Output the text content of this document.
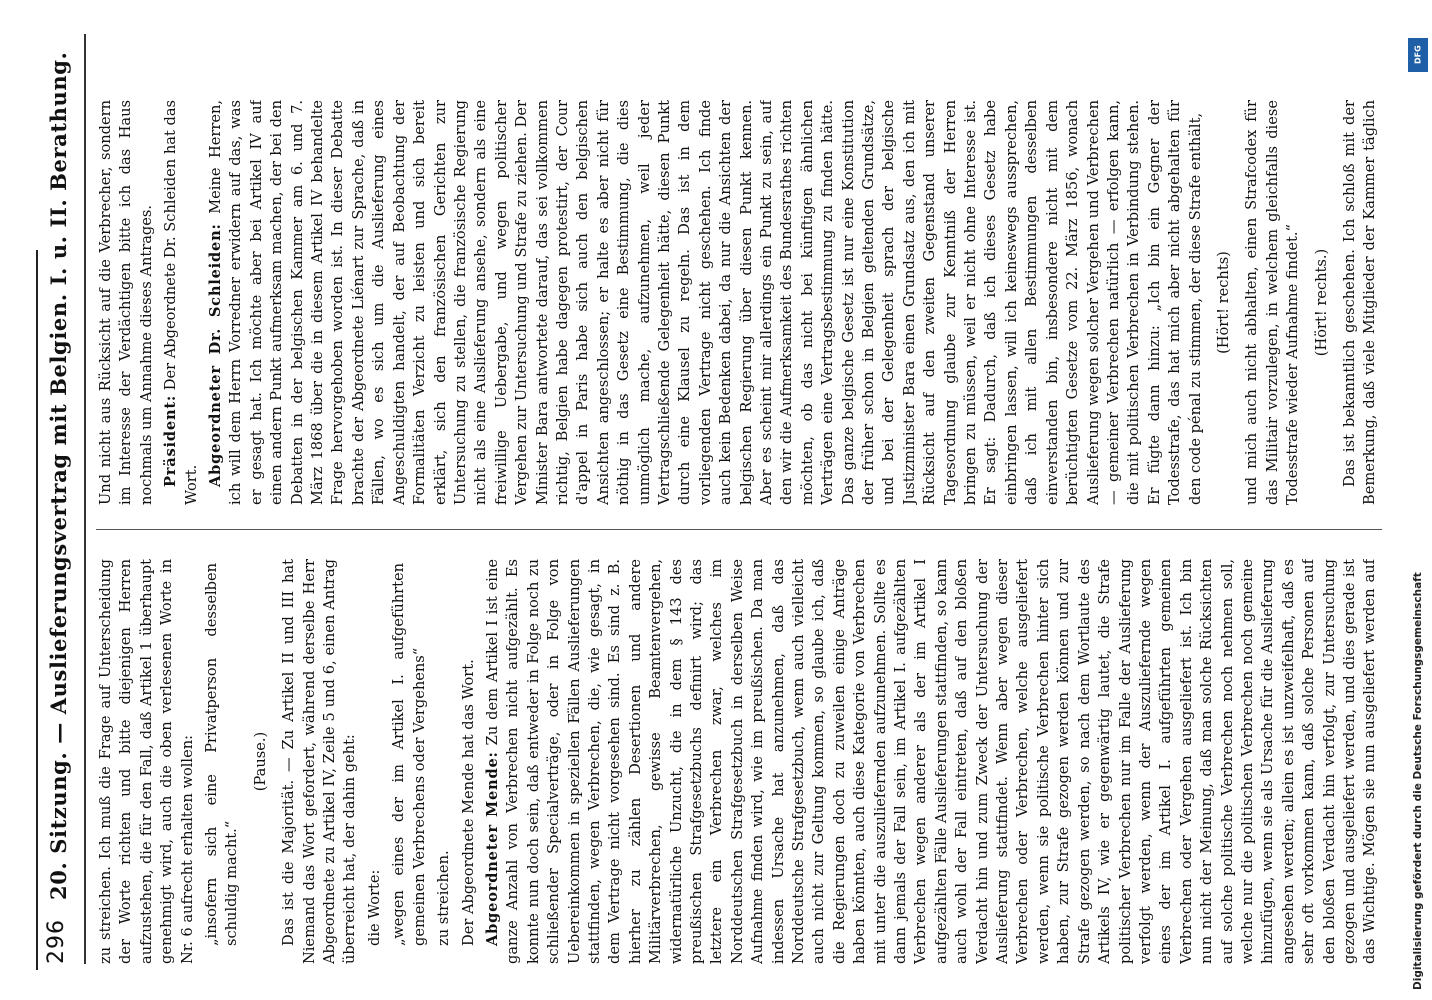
296
20. Sitzung. — Auslieferungsvertrag mit Belgien. I. u. II. Berathung. zu streichen. Ich muß die Frage auf Unterscheidung der Worte richten und bitte diejenigen Herren aufzustehen, die für den Fall, daß Artikel 1 überhaupt genehmigt wird, auch die oben verlesenen Worte in Nr. 6 aufrecht erhalten wollen: „insofern sich eine Privatperson desselben schuldig macht.“

(Pause.) Das ist die Majorität. — Zu Artikel II und III hat Niemand das Wort gefordert, während derselbe Herr Abgeordnete zu Artikel IV, Zeile 5 und 6, einen Antrag überreicht hat, der dahin geht: die Worte: „wegen eines der im Artikel I. aufgeführten gemeinen Verbrechens oder Vergehens“ zu streichen. Der Abgeordnete Mende hat das Wort. Abgeordneter Mende: Zu dem Artikel I ist eine ganze Anzahl von Verbrechen nicht aufgezählt. Es konnte nun doch sein, daß entweder in Folge noch zu schließender Specialverträge, oder in Folge von Uebereinkommen in speziellen Fällen Auslieferungen stattfinden, wegen Verbrechen, die, wie gesagt, in dem Vertrage nicht vorgesehen sind. Es sind z. B. hierher zu zählen Desertionen und andere Militärverbrechen, gewisse Beamtenvergehen, widernatürliche Unzucht, die in dem § 143 des preußischen Strafgesetzbuchs definirt wird; das letztere ein Verbrechen zwar, welches im Norddeutschen Strafgesetzbuch in derselben Weise Aufnahme finden wird, wie im preußischen. Da man indessen Ursache hat anzunehmen, daß das Norddeutsche Strafgesetzbuch, wenn auch vielleicht auch nicht zur Geltung kommen, so glaube ich, daß die Regierungen doch zu zuweilen einige Anträge haben könnten, auch diese Kategorie von Verbrechen mit unter die auszuliefernden aufzunehmen. Sollte es dann jemals der Fall sein, im Artikel I. aufgezählten Verbrechen wegen anderer als der im Artikel I aufgezählten Fälle Auslieferungen stattfinden, so kann auch wohl der Fall eintreten, daß auf den bloßen Verdacht hin und zum Zweck der Untersuchung der Auslieferung stattfindet. Wenn aber wegen dieser Verbrechen oder Verbrechen, welche ausgeliefert werden, wenn sie politische Verbrechen hinter sich haben, zur Strafe gezogen werden können und zur Strafe gezogen werden, so nach dem Wortlaute des Artikels IV, wie er gegenwärtig lautet, die Strafe politischer Verbrechen nur im Falle der Auslieferung verfolgt werden, wenn der Auszuliefernde wegen eines der im Artikel I. aufgeführten gemeinen Verbrechen oder Vergehen ausgeliefert ist. Ich bin nun nicht der Meinung, daß man solche Rücksichten auf solche politische Verbrechen noch nehmen soll, welche nur die politischen Verbrechen noch gemeine hinzufügen, wenn sie als Ursache für die Auslieferung angesehen werden; allein es ist unzweifelhaft, daß es sehr oft vorkommen kann, daß solche Personen auf den bloßen Verdacht hin verfolgt, zur Untersuchung gezogen und ausgeliefert werden, und dies gerade ist das Wichtige. Mögen sie nun ausgeliefert werden auf

Und nicht aus Rücksicht auf die Verbrecher, sondern im Interesse der Verdächtigen bitte ich das Haus nochmals um Annahme dieses Antrages. Präsident: Der Abgeordnete Dr. Schleiden hat das Wort. Abgeordneter Dr. Schleiden: Meine Herren, ich will dem Herrn Vorredner erwidern auf das, was er gesagt hat. Ich möchte aber bei Artikel IV auf einen andern Punkt aufmerksam machen, der bei den Debatten in der belgischen Kammer am 6. und 7. März 1868 über die in diesem Artikel IV behandelte Frage hervorgehoben worden ist. In dieser Debatte brachte der Abgeordnete Liénart zur Sprache, daß in Fällen, wo es sich um die Auslieferung eines Angeschuldigten handelt, der auf Beobachtung der Formalitäten Verzicht zu leisten und sich bereit erklärt, sich den französischen Gerichten zur Untersuchung zu stellen, die französische Regierung nicht als eine Auslieferung ansehe, sondern als eine freiwillige Uebergabe, und wegen politischer Vergehen zur Untersuchung und Strafe zu ziehen. Der Minister Bara antwortete darauf, das sei vollkommen richtig, Belgien habe dagegen protestirt, der Cour d'appel in Paris habe sich auch den belgischen Ansichten angeschlossen; er halte es aber nicht für nöthig in das Gesetz eine Bestimmung, die dies unmöglich mache, aufzunehmen, weil jeder Vertragschließende Gelegenheit hätte, diesen Punkt durch eine Klausel zu regeln. Das ist in dem vorliegenden Vertrage nicht geschehen. Ich finde auch kein Bedenken dabei, da nur die Ansichten der belgischen Regierung über diesen Punkt kennen. Aber es scheint mir allerdings ein Punkt zu sein, auf den wir die Aufmerksamkeit des Bundesrathes richten möchten, ob das nicht bei künftigen ähnlichen Verträgen eine Vertragsbestimmung zu finden hätte. Das ganze belgische Gesetz ist nur eine Konstitution der früher schon in Belgien geltenden Grundsätze, und bei der Gelegenheit sprach der belgische Justizminister Bara einen Grundsatz aus, den ich mit Rücksicht auf den zweiten Gegenstand unserer Tagesordnung glaube zur Kenntniß der Herren bringen zu müssen, weil er nicht ohne Interesse ist. Er sagt: Dadurch, daß ich dieses Gesetz habe einbringen lassen, will ich keineswegs aussprechen, daß ich mit allen Bestimmungen desselben einverstanden bin, insbesondere nicht mit dem berüchtigten Gesetze vom 22. März 1856, wonach Auslieferung wegen solcher Vergehen und Verbrechen — gemeiner Verbrechen natürlich — erfolgen kann, die mit politischen Verbrechen in Verbindung stehen. Er fügte dann hinzu: „Ich bin ein Gegner der Todesstrafe, das hat mich aber nicht abgehalten für den code pénal zu stimmen, der diese Strafe enthält, (Hört! rechts) und mich auch nicht abhalten, einen Strafcodex für das Militair vorzulegen, in welchem gleichfalls diese Todesstrafe wieder Aufnahme findet.“ (Hört! rechts.)

Das ist bekanntlich geschehen. Ich schloß mit der Bemerkung, daß viele Mitglieder der Kammer täglich

Digitalisierung gefördert durch die Deutsche Forschungsgemeinschaft
DFG
